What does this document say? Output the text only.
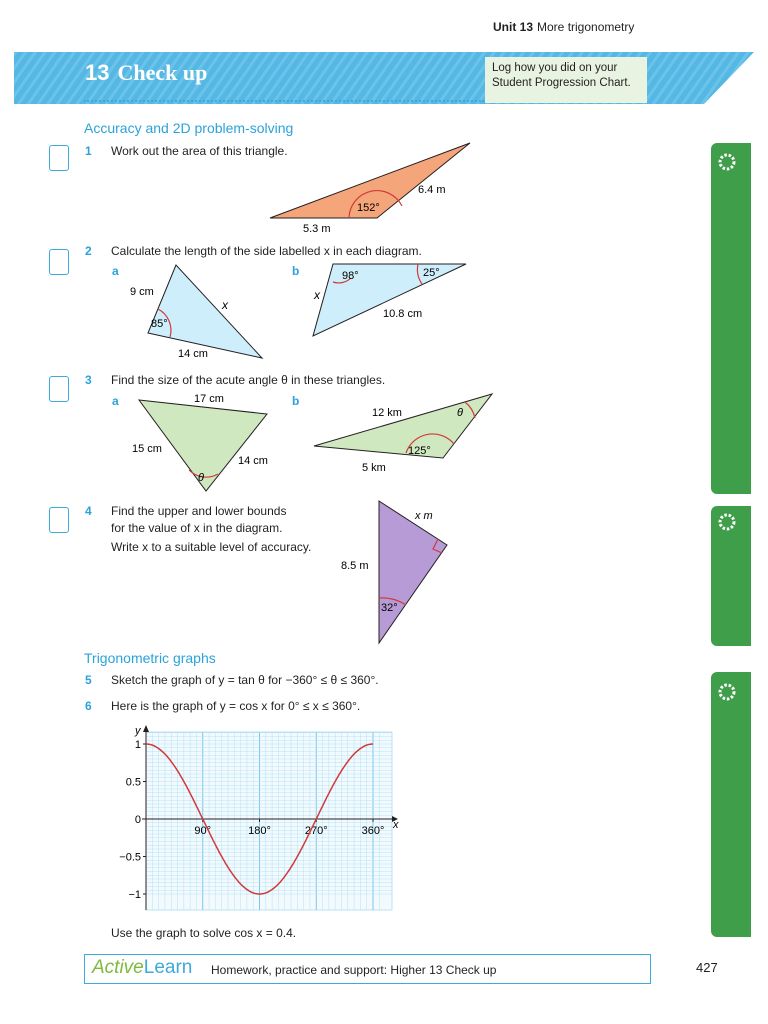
Unit 13 More trigonometry
13 Check up	Log how you did on your Student Progression Chart.
Accuracy and 2D problem-solving
1 Work out the area of this triangle.
152°
6.4 m
5.3 m
2 Calculate the length of the side labelled x in each diagram.
a	b
9 cm
85°
x
14 cm
98°	25°
x
10.8 cm
3 Find the size of the acute angle θ in these triangles.
a	b
17 cm
15 cm
14 cm
θ
12 km	θ
125°
5 km
4 Find the upper and lower bounds
for the value of x in the diagram.
Write x to a suitable level of accuracy.
x m
8.5 m
32°
Trigonometric graphs
5 Sketch the graph of y = tan θ for −360° ≤ θ ≤ 360°.
6 Here is the graph of y = cos x for 0° ≤ x ≤ 360°.
y
x
1
0.5
0
−0.5
−1
90°	180°	270°	360°
Use the graph to solve cos x = 0.4.
ActiveLearn Homework, practice and support: Higher 13 Check up	427
